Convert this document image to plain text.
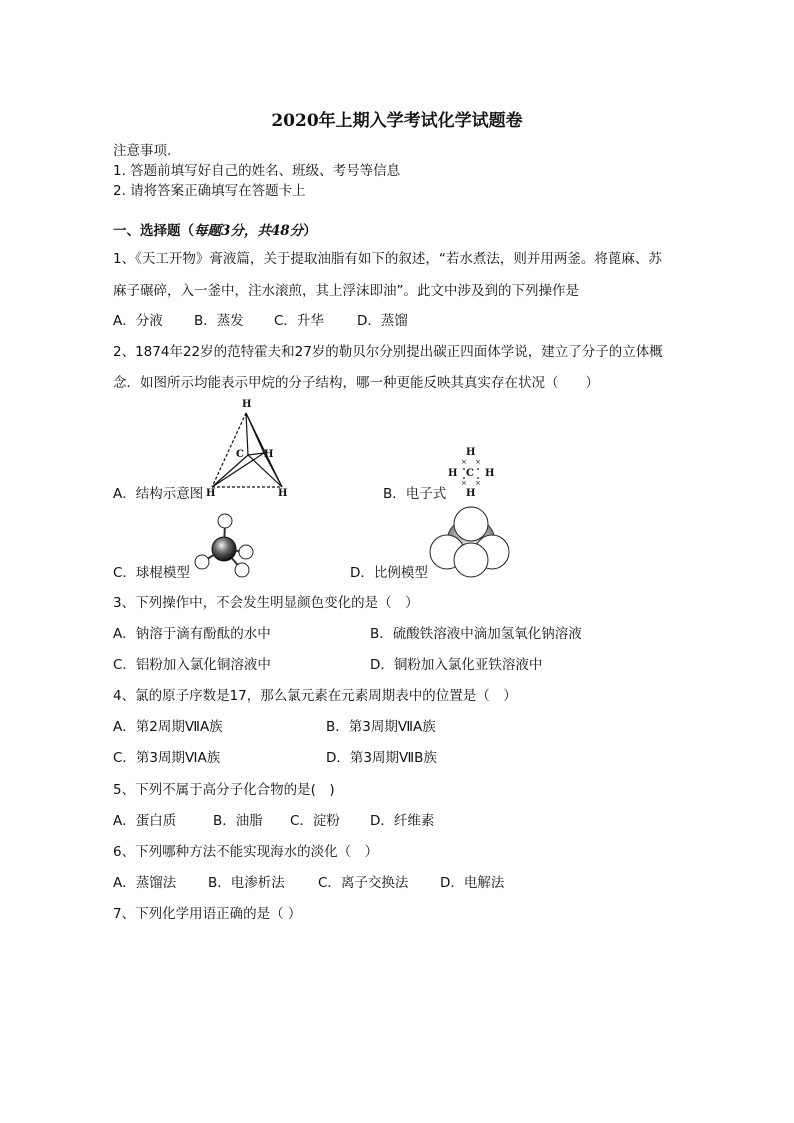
2020年上期入学考试化学试题卷
注意事项.
1. 答题前填写好自己的姓名、班级、考号等信息
2. 请将答案正确填写在答题卡上
一、选择题（每题3分，共48分）
1、《天工开物》膏液篇，关于提取油脂有如下的叙述，“若水煮法，则并用两釜。将蓖麻、苏
麻子碾碎，入一釜中，注水滚煎，其上浮沫即油”。此文中涉及到的下列操作是
A．分液 B．蒸发 C．升华 D．蒸馏
2、1874年22岁的范特霍夫和27岁的勒贝尔分别提出碳正四面体学说，建立了分子的立体概
念．如图所示均能表示甲烷的分子结构，哪一种更能反映其真实存在状况（　　）
H
C H
H	H
A．结构示意图
H
C
H	H
H
× ×
× ×
B．电子式
C．球棍模型	D．比例模型
3、下列操作中，不会发生明显颜色变化的是（　）
A．钠溶于滴有酚酞的水中	B．硫酸铁溶液中滴加氢氧化钠溶液
C．铝粉加入氯化铜溶液中	D．铜粉加入氯化亚铁溶液中
4、氯的原子序数是17，那么氯元素在元素周期表中的位置是（　）
A．第2周期ⅦA族	B．第3周期ⅦA族
C．第3周期ⅥA族	D．第3周期ⅦB族
5、下列不属于高分子化合物的是(　)
A．蛋白质	B．油脂 C．淀粉 D．纤维素
6、下列哪种方法不能实现海水的淡化（　）
A．蒸馏法 B．电渗析法 C．离子交换法 D．电解法
7、下列化学用语正确的是（ ）
